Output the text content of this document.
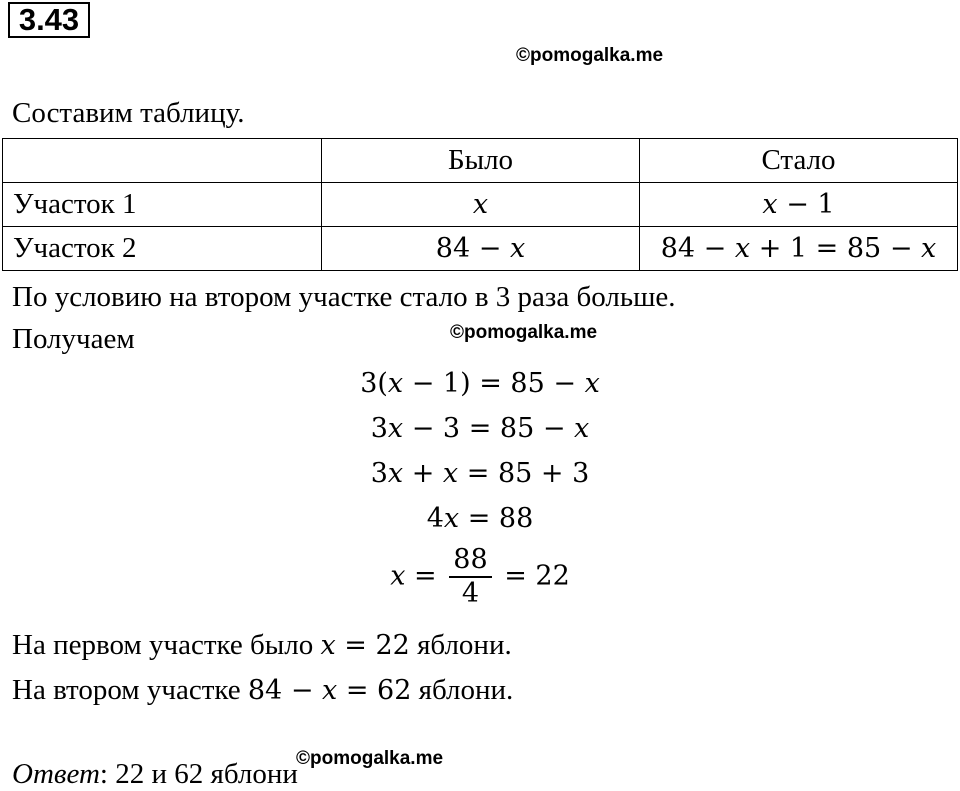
3.43
©pomogalka.me
Составим таблицу.
	Было	Стало
Участок 1	x	x − 1
Участок 2	84 − x	84 − x + 1 = 85 − x
По условию на втором участке стало в 3 раза больше.
©pomogalka.me
Получаем
3(x − 1) = 85 − x
3x − 3 = 85 − x
3x + x = 85 + 3
4x = 88
$x = \frac{88}{4} = 22$
На первом участке было x = 22 яблони.
На втором участке 84 − x = 62 яблони.
©pomogalka.me
Ответ: 22 и 62 яблони
